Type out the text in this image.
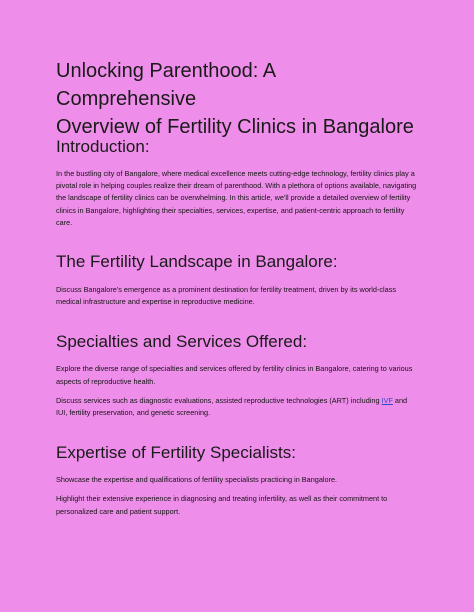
Unlocking Parenthood: A Comprehensive
Overview of Fertility Clinics in Bangalore
Introduction:

In the bustling city of Bangalore, where medical excellence meets cutting-edge technology, fertility clinics play a pivotal role in helping couples realize their dream of parenthood. With a plethora of options available, navigating the landscape of fertility clinics can be overwhelming. In this article, we'll provide a detailed overview of fertility clinics in Bangalore, highlighting their specialties, services, expertise, and patient-centric approach to fertility care.

The Fertility Landscape in Bangalore:

Discuss Bangalore's emergence as a prominent destination for fertility treatment, driven by its world-class medical infrastructure and expertise in reproductive medicine.

Specialties and Services Offered:

Explore the diverse range of specialties and services offered by fertility clinics in Bangalore, catering to various aspects of reproductive health.

Discuss services such as diagnostic evaluations, assisted reproductive technologies (ART) including IVF and IUI, fertility preservation, and genetic screening.

Expertise of Fertility Specialists:

Showcase the expertise and qualifications of fertility specialists practicing in Bangalore.

Highlight their extensive experience in diagnosing and treating infertility, as well as their commitment to personalized care and patient support.
